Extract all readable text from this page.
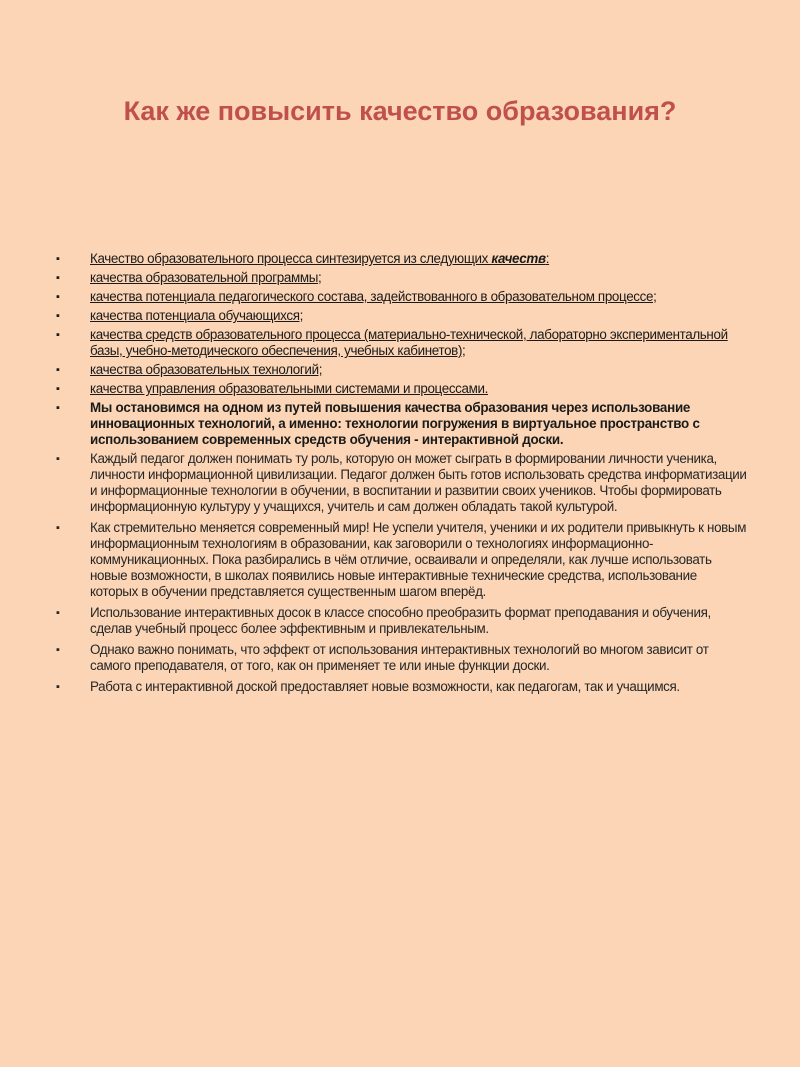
Как же повысить качество образования?
▪ Качество образовательного процесса синтезируется из следующих качеств:
▪ качества образовательной программы;
▪ качества потенциала педагогического состава, задействованного в образовательном процессе;
▪ качества потенциала обучающихся;
▪ качества средств образовательного процесса (материально-технической, лабораторно экспериментальной базы, учебно-методического обеспечения, учебных кабинетов);
▪ качества образовательных технологий;
▪ качества управления образовательными системами и процессами.
▪ Мы остановимся на одном из путей повышения качества образования через использование инновационных технологий, а именно: технологии погружения в виртуальное пространство с использованием современных средств обучения - интерактивной доски.
▪ Каждый педагог должен понимать ту роль, которую он может сыграть в формировании личности ученика, личности информационной цивилизации. Педагог должен быть готов использовать средства информатизации и информационные технологии в обучении, в воспитании и развитии своих учеников. Чтобы формировать информационную культуру у учащихся, учитель и сам должен обладать такой культурой.
▪ Как стремительно меняется современный мир! Не успели учителя, ученики и их родители привыкнуть к новым информационным технологиям в образовании, как заговорили о технологиях информационно-коммуникационных. Пока разбирались в чём отличие, осваивали и определяли, как лучше использовать новые возможности, в школах появились новые интерактивные технические средства, использование которых в обучении представляется существенным шагом вперёд.
▪ Использование интерактивных досок в классе способно преобразить формат преподавания и обучения, сделав учебный процесс более эффективным и привлекательным.
▪ Однако важно понимать, что эффект от использования интерактивных технологий во многом зависит от самого преподавателя, от того, как он применяет те или иные функции доски.
▪ Работа с интерактивной доской предоставляет новые возможности, как педагогам, так и учащимся.
